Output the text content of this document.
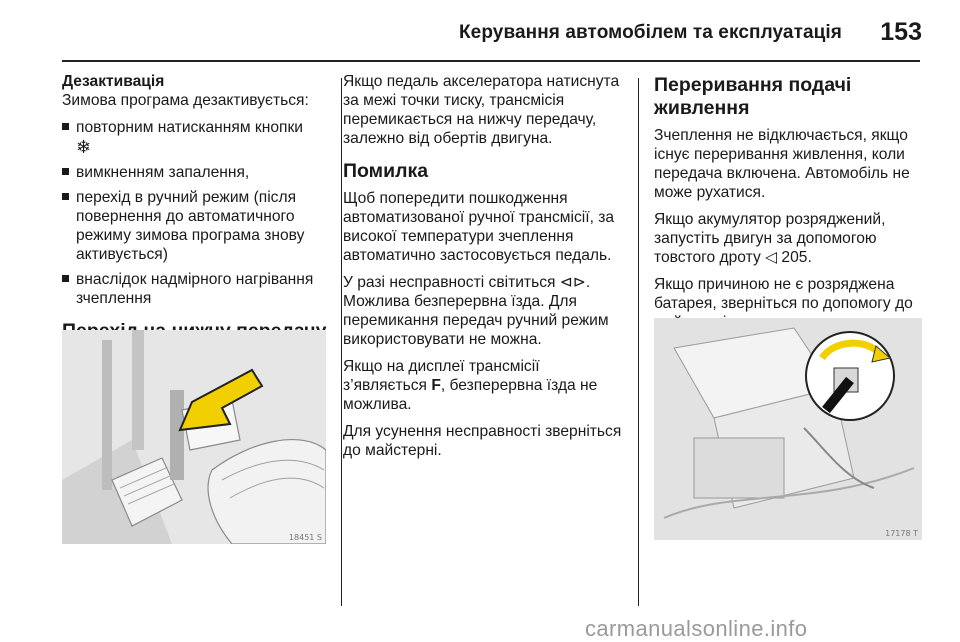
Керування автомобілем та експлуатація 153
Дезактивація

Зимова програма дезактивується:

повторним натисканням кнопки
❄
вимкненням запалення,
перехід в ручний режим (після повернення до автоматичного режиму зимова програма знову активується)
внаслідок надмірного нагрівання зчеплення
18451 S

Якщо педаль акселератора натиснута за межі точки тиску, трансмісія перемикається на нижчу передачу, залежно від обертів двигуна.

Помилка

Щоб попередити пошкодження автоматизованої ручної трансмісії, за високої температури зчеплення автоматично застосовується педаль.

У разі несправності світиться ⊲⊳. Можлива безперервна їзда. Для перемикання передач ручний режим використовувати не можна.

Якщо на дисплеї трансмісії з’являється F, безперервна їзда не можлива.

Для усунення несправності зверніться до майстерні.

Переривання подачі живлення

Зчеплення не відключається, якщо існує переривання живлення, коли передача включена. Автомобіль не може рухатися.

Якщо акумулятор розряджений, запустіть двигун за допомогою товстого дроту ◁ 205.

Якщо причиною не є розряджена батарея, зверніться по допомогу до

17178 T
carmanualsonline.info
